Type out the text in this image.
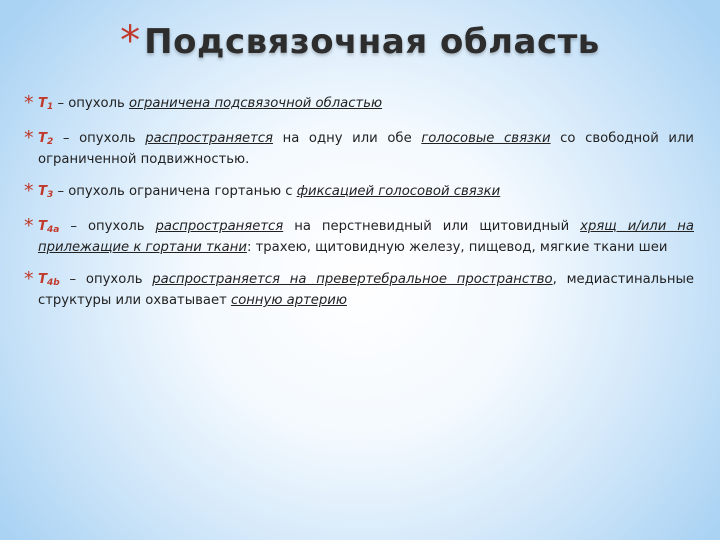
* Подсвязочная область
* $T_1$ – опухоль ограничена подсвязочной областью
* $T_2$ – опухоль распространяется на одну или обе голосовые связки со свободной или ограниченной подвижностью.
* $T_3$ – опухоль ограничена гортанью с фиксацией голосовой связки
* $T_{4a}$ – опухоль распространяется на перстневидный или щитовидный хрящ и/или на прилежащие к гортани ткани: трахею, щитовидную железу, пищевод, мягкие ткани шеи
* $T_{4b}$ – опухоль распространяется на превертебральное пространство, медиастинальные структуры или охватывает сонную артерию
